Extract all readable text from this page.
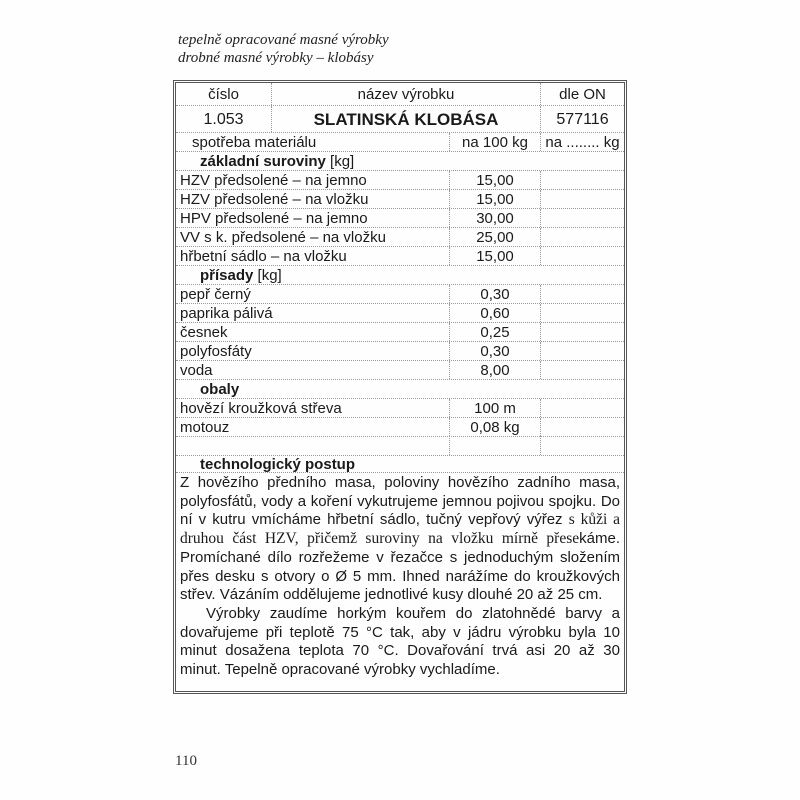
tepelně opracované masné výrobky
drobné masné výrobky – klobásy
číslo	název výrobku	dle ON
1.053	SLATINSKÁ KLOBÁSA	577116
spotřeba materiálu	na 100 kg	na ........ kg
základní suroviny [kg]
HZV předsolené – na jemno	15,00
HZV předsolené – na vložku	15,00
HPV předsolené – na jemno	30,00
VV s k. předsolené – na vložku	25,00
hřbetní sádlo – na vložku	15,00
přísady [kg]
pepř černý	0,30
paprika pálivá	0,60
česnek	0,25
polyfosfáty	0,30
voda	8,00
obaly
hovězí kroužková střeva	100 m
motouz	0,08 kg
technologický postup

Z hovězího předního masa, poloviny hovězího zadního masa, polyfosfátů, vody a koření vykutrujeme jemnou pojivou spojku. Do ní v kutru vmícháme hřbetní sádlo, tučný vepřový výřez s kůži a druhou část HZV, přičemž suroviny na vložku mírně přesekáme. Promíchané dílo rozřežeme v řezačce s jednoduchým složením přes desku s otvory o Ø 5 mm. Ihned narážíme do kroužkových střev. Vázáním oddělujeme jednotlivé kusy dlouhé 20 až 25 cm.

Výrobky zaudíme horkým kouřem do zlatohnědé barvy a dovařujeme při teplotě 75 °C tak, aby v jádru výrobku byla 10 minut dosažena teplota 70 °C. Dovařování trvá asi 20 až 30 minut. Tepelně opracované výrobky vychladíme.

110
